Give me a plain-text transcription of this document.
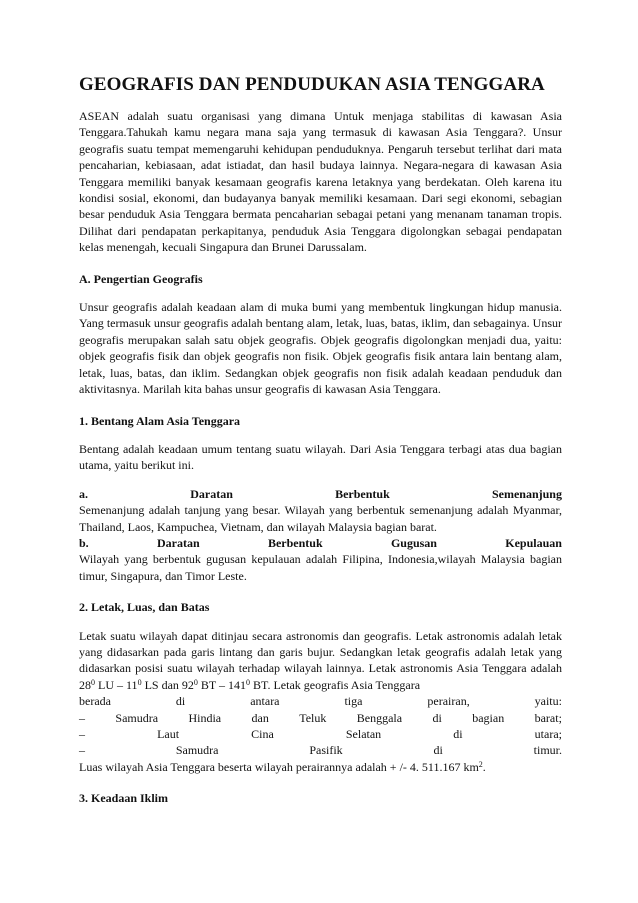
GEOGRAFIS DAN PENDUDUKAN ASIA TENGGARA

ASEAN adalah suatu organisasi yang dimana Untuk menjaga stabilitas di kawasan Asia Tenggara.Tahukah kamu negara mana saja yang termasuk di kawasan Asia Tenggara?. Unsur geografis suatu tempat memengaruhi kehidupan penduduknya. Pengaruh tersebut terlihat dari mata pencaharian, kebiasaan, adat istiadat, dan hasil budaya lainnya. Negara-negara di kawasan Asia Tenggara memiliki banyak kesamaan geografis karena letaknya yang berdekatan. Oleh karena itu kondisi sosial, ekonomi, dan budayanya banyak memiliki kesamaan. Dari segi ekonomi, sebagian besar penduduk Asia Tenggara bermata pencaharian sebagai petani yang menanam tanaman tropis. Dilihat dari pendapatan perkapitanya, penduduk Asia Tenggara digolongkan sebagai pendapatan kelas menengah, kecuali Singapura dan Brunei Darussalam.

A. Pengertian Geografis

Unsur geografis adalah keadaan alam di muka bumi yang membentuk lingkungan hidup manusia. Yang termasuk unsur geografis adalah bentang alam, letak, luas, batas, iklim, dan sebagainya. Unsur geografis merupakan salah satu objek geografis. Objek geografis digolongkan menjadi dua, yaitu: objek geografis fisik dan objek geografis non fisik. Objek geografis fisik antara lain bentang alam, letak, luas, batas, dan iklim. Sedangkan objek geografis non fisik adalah keadaan penduduk dan aktivitasnya. Marilah kita bahas unsur geografis di kawasan Asia Tenggara.

1. Bentang Alam Asia Tenggara

Bentang adalah keadaan umum tentang suatu wilayah. Dari Asia Tenggara terbagi atas dua bagian utama, yaitu berikut ini.

a.	Daratan	Berbentuk	Semenanjung

Semenanjung adalah tanjung yang besar. Wilayah yang berbentuk semenanjung adalah Myanmar, Thailand, Laos, Kampuchea, Vietnam, dan wilayah Malaysia bagian barat.

b.	Daratan	Berbentuk	Gugusan	Kepulauan

Wilayah yang berbentuk gugusan kepulauan adalah Filipina, Indonesia,wilayah Malaysia bagian timur, Singapura, dan Timor Leste.

2. Letak, Luas, dan Batas

Letak suatu wilayah dapat ditinjau secara astronomis dan geografis. Letak astronomis adalah letak yang didasarkan pada garis lintang dan garis bujur. Sedangkan letak geografis adalah letak yang didasarkan posisi suatu wilayah terhadap wilayah lainnya. Letak astronomis Asia Tenggara adalah $28^0$ LU – $11^0$ LS dan $92^0$ BT – $141^0$ BT. Letak geografis Asia Tenggara

berada	di	antara	tiga	perairan,	yaitu:
–	Samudra	Hindia	dan	Teluk	Benggala	di	bagian	barat;
–	Laut	Cina	Selatan	di	utara;
–	Samudra	Pasifik	di	timur.

Luas wilayah Asia Tenggara beserta wilayah perairannya adalah + /- 4. 511.167 $km^2$.

3. Keadaan Iklim
